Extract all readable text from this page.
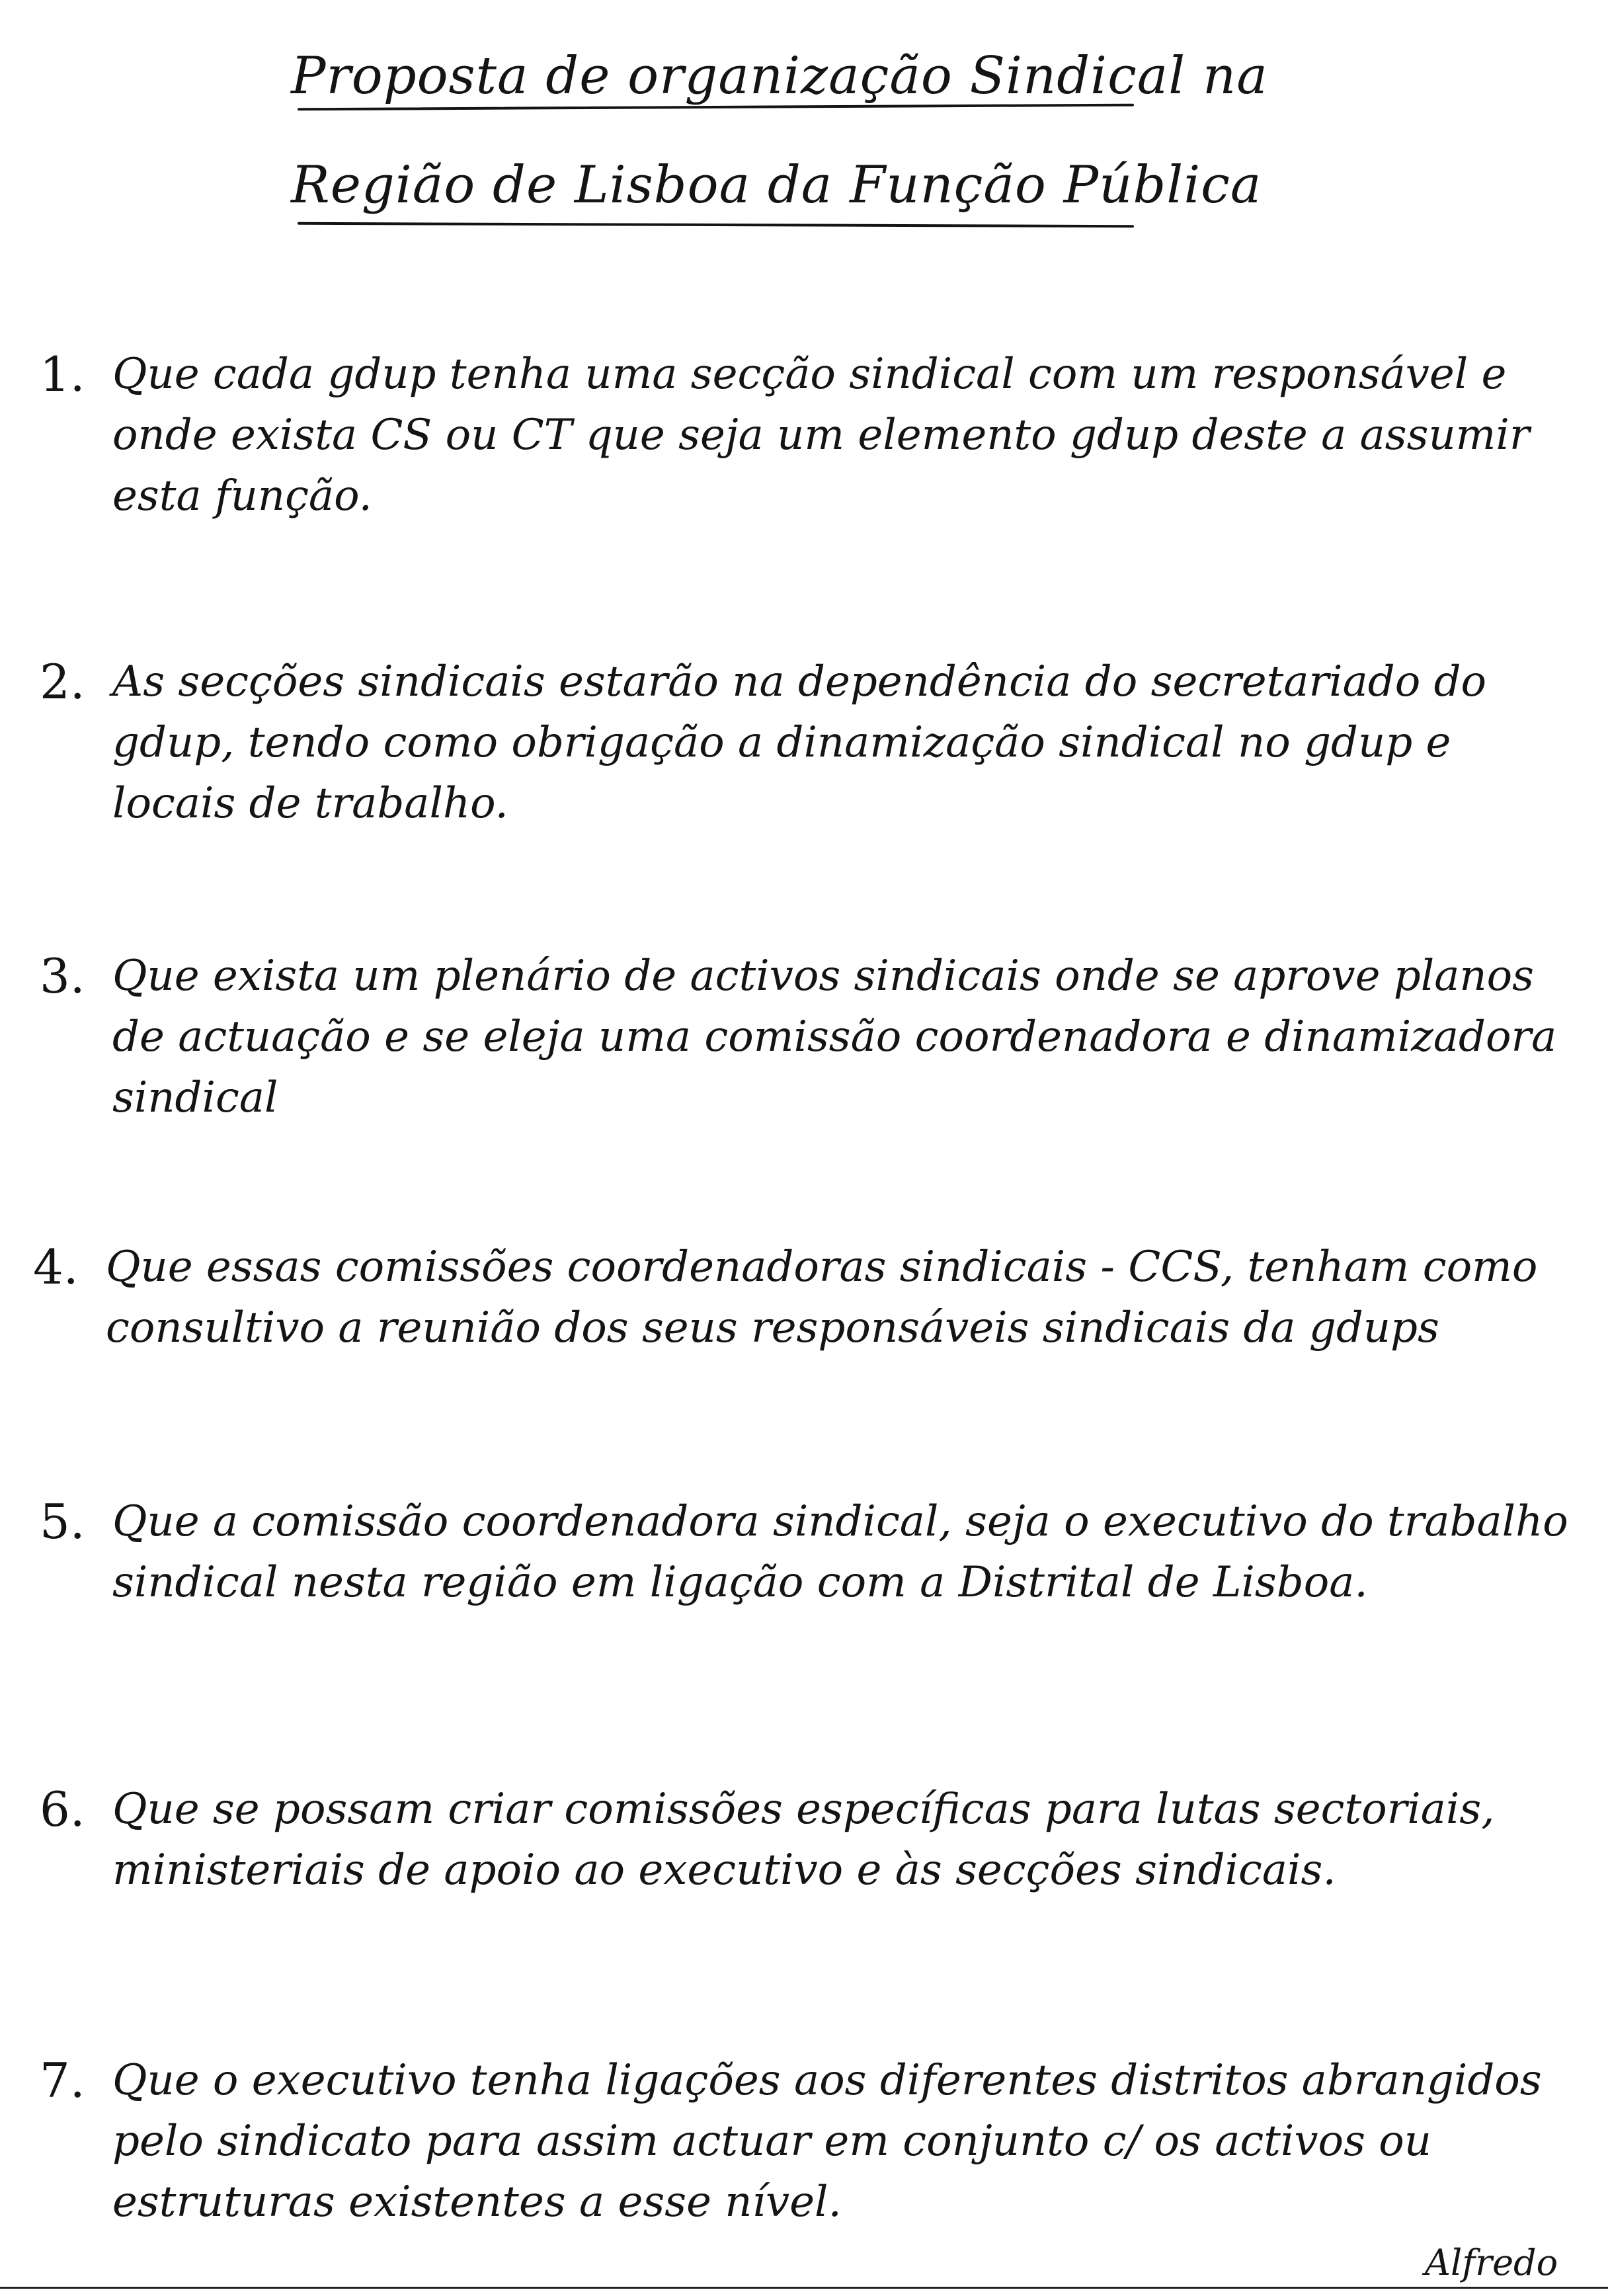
Proposta de organização Sindical na
Região de Lisboa da Função Pública
1. Que cada gdup tenha uma secção sindical com um responsável e onde exista CS ou CT que seja um elemento gdup deste a assumir esta função.
2. As secções sindicais estarão na dependência do secretariado do gdup, tendo como obrigação a dinamização sindical no gdup e locais de trabalho.
3. Que exista um plenário de activos sindicais onde se aprove planos de actuação e se eleja uma comissão coordenadora e dinamizadora sindical
4. Que essas comissões coordenadoras sindicais - CCS, tenham como consultivo a reunião dos seus responsáveis sindicais da gdups
5. Que a comissão coordenadora sindical, seja o executivo do trabalho sindical nesta região em ligação com a Distrital de Lisboa.
6. Que se possam criar comissões específicas para lutas sectoriais, ministeriais de apoio ao executivo e às secções sindicais.
7. Que o executivo tenha ligações aos diferentes distritos abrangidos pelo sindicato para assim actuar em conjunto c/ os activos ou estruturas existentes a esse nível.
Alfredo
